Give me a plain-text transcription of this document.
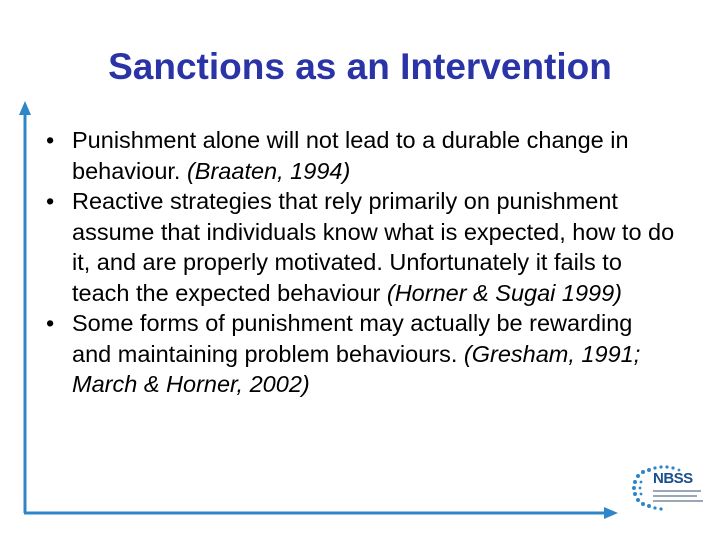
Sanctions as an Intervention
• Punishment alone will not lead to a durable change in behaviour. (Braaten, 1994)
• Reactive strategies that rely primarily on punishment assume that individuals know what is expected, how to do it, and are properly motivated. Unfortunately it fails to teach the expected behaviour (Horner & Sugai 1999)
• Some forms of punishment may actually be rewarding and maintaining problem behaviours. (Gresham, 1991; March & Horner, 2002)
NBSS
